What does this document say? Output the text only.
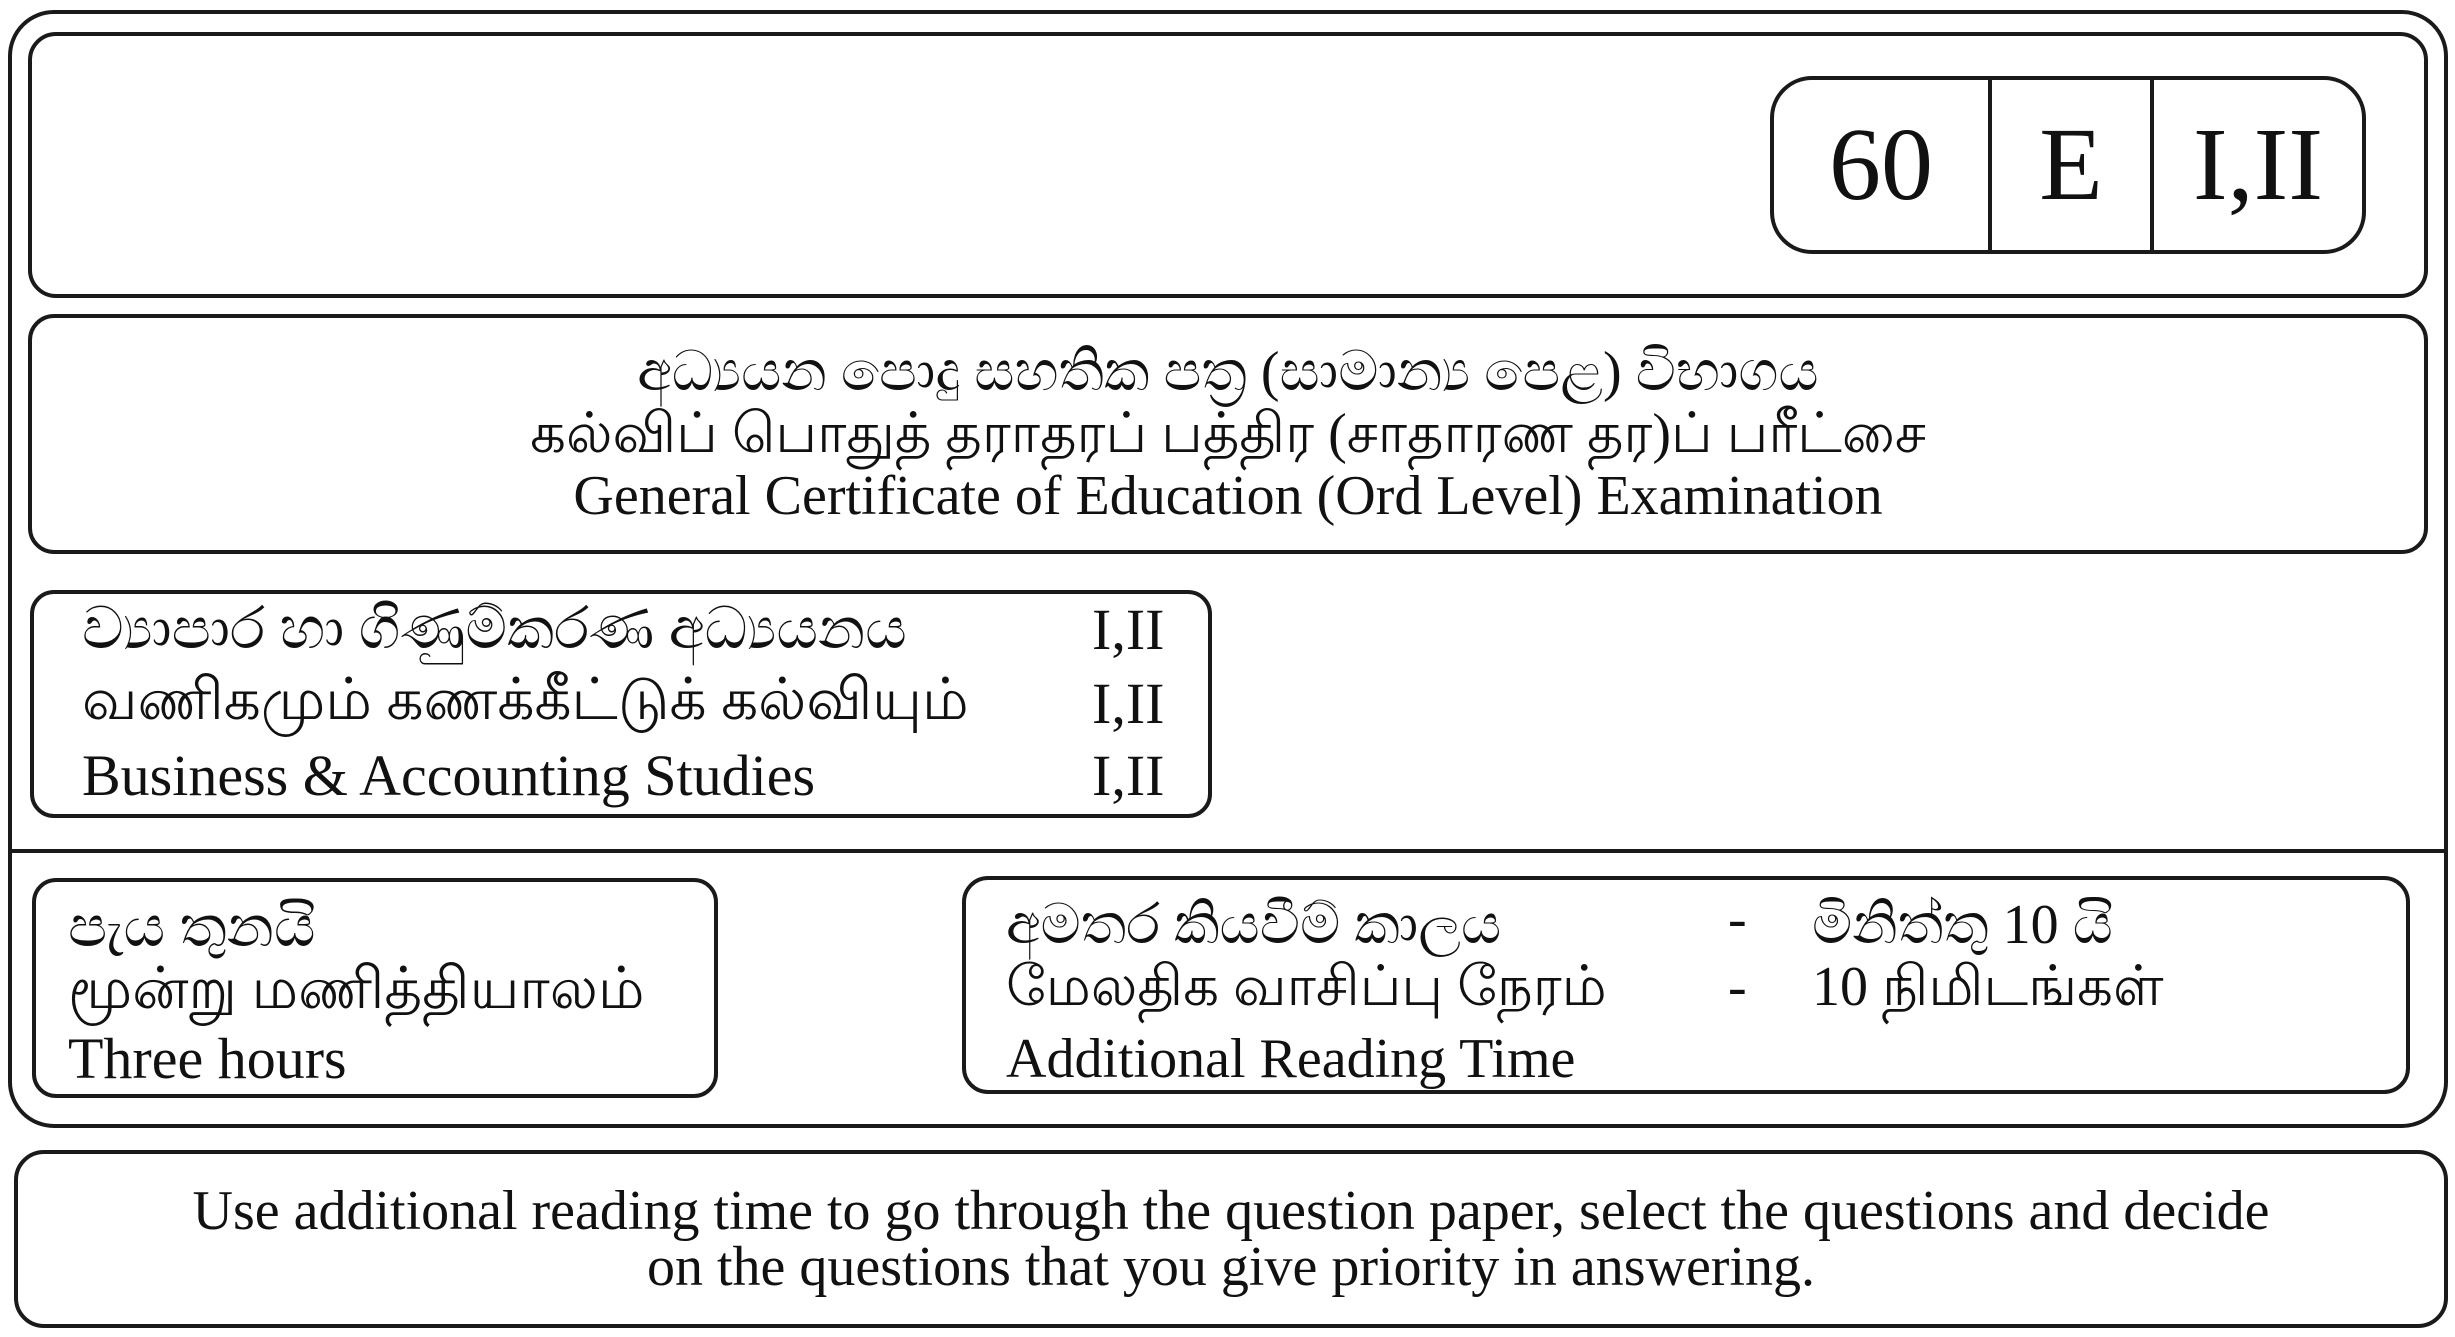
60	E I,II
අධ්‍යයන පොදු සහතික පත්‍ර (සාමාන්‍ය පෙළ) විභාගය
கல்விப் பொதுத் தராதரப் பத்திர (சாதாரண தர)ப் பரீட்சை
General Certificate of Education (Ord Level) Examination
ව්‍යාපාර හා ගිණුම්කරණ අධ්‍යයනය	I,II
வணிகமும் கணக்கீட்டுக் கல்வியும்	I,II
Business & Accounting Studies	I,II
පැය තුනයි
மூன்று மணித்தியாலம்
Three hours
අමතර කියවීම් කාලය	- මිනිත්තු 10 යි
மேலதிக வாசிப்பு நேரம் - 10 நிமிடங்கள்
Additional Reading Time
Use additional reading time to go through the question paper, select the questions and decide
on the questions that you give priority in answering.
